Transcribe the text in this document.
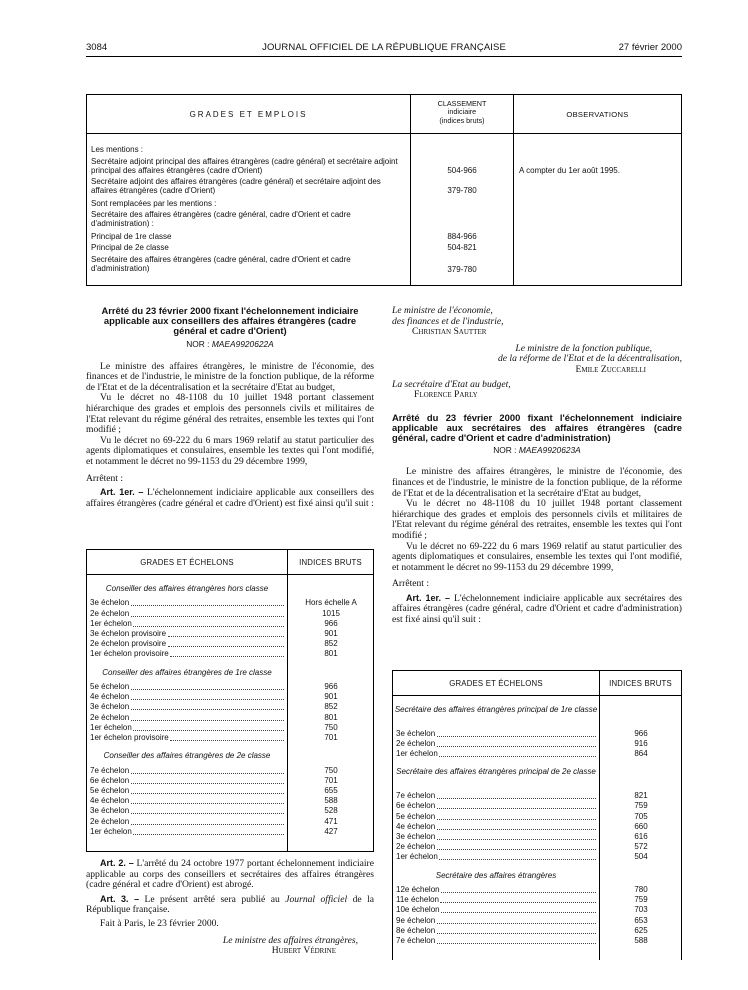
3084	JOURNAL OFFICIEL DE LA RÉPUBLIQUE FRANÇAISE	27 février 2000
GRADES ET EMPLOIS
CLASSEMENT
indiciaire
(indices bruts)
OBSERVATIONS
Les mentions :
Secrétaire adjoint principal des affaires étrangères (cadre général) et secrétaire adjoint principal des affaires étrangères (cadre d'Orient)	504-966	A compter du 1er août 1995.
Secrétaire adjoint des affaires étrangères (cadre général) et secrétaire adjoint des affaires étrangères (cadre d'Orient)	379-780
Sont remplacées par les mentions :
Secrétaire des affaires étrangères (cadre général, cadre d'Orient et cadre d'administration) :
Principal de 1re classe	884-966
Principal de 2e classe	504-821
Secrétaire des affaires étrangères (cadre général, cadre d'Orient et cadre d'administration)	379-780
Arrêté du 23 février 2000 fixant l'échelonnement indiciaire applicable aux conseillers des affaires étrangères (cadre général et cadre d'Orient)
NOR : MAEA9920622A

Le ministre des affaires étrangères, le ministre de l'économie, des finances et de l'industrie, le ministre de la fonction publique, de la réforme de l'Etat et de la décentralisation et la secrétaire d'Etat au budget,

Vu le décret no 48-1108 du 10 juillet 1948 portant classement hiérarchique des grades et emplois des personnels civils et militaires de l'Etat relevant du régime général des retraites, ensemble les textes qui l'ont modifié ;

Vu le décret no 69-222 du 6 mars 1969 relatif au statut particulier des agents diplomatiques et consulaires, ensemble les textes qui l'ont modifié, et notamment le décret no 99-1153 du 29 décembre 1999,

Arrêtent :

Art. 1er. – L'échelonnement indiciaire applicable aux conseillers des affaires étrangères (cadre général et cadre d'Orient) est fixé ainsi qu'il suit :

GRADES ET ÉCHELONS	INDICES BRUTS
Conseiller des affaires étrangères hors classe
3e échelon	Hors échelle A
2e échelon	1015
1er échelon	966
3e échelon provisoire	901
2e échelon provisoire	852
1er échelon provisoire	801
Conseiller des affaires étrangères de 1re classe
5e échelon	966
4e échelon	901
3e échelon	852
2e échelon	801
1er échelon	750
1er échelon provisoire	701
Conseiller des affaires étrangères de 2e classe
7e échelon	750
6e échelon	701
5e échelon	655
4e échelon	588
3e échelon	528
2e échelon	471
1er échelon	427

Art. 2. – L'arrêté du 24 octobre 1977 portant échelonnement indiciaire applicable au corps des conseillers et secrétaires des affaires étrangères (cadre général et cadre d'Orient) est abrogé.

Art. 3. – Le présent arrêté sera publié au Journal officiel de la République française.

Fait à Paris, le 23 février 2000.

Le ministre des affaires étrangères,

Hubert Védrine

Le ministre de l'économie,

des finances et de l'industrie,

Christian Sautter

Le ministre de la fonction publique,

de la réforme de l'Etat et de la décentralisation,

Emile Zuccarelli

La secrétaire d'Etat au budget,

Florence Parly

Arrêté du 23 février 2000 fixant l'échelonnement indiciaire applicable aux secrétaires des affaires étrangères (cadre général, cadre d'Orient et cadre d'administration)
NOR : MAEA9920623A

Le ministre des affaires étrangères, le ministre de l'économie, des finances et de l'industrie, le ministre de la fonction publique, de la réforme de l'Etat et de la décentralisation et la secrétaire d'Etat au budget,

Vu le décret no 48-1108 du 10 juillet 1948 portant classement hiérarchique des grades et emplois des personnels civils et militaires de l'Etat relevant du régime général des retraites, ensemble les textes qui l'ont modifié ;

Vu le décret no 69-222 du 6 mars 1969 relatif au statut particulier des agents diplomatiques et consulaires, ensemble les textes qui l'ont modifié, et notamment le décret no 99-1153 du 29 décembre 1999,

Arrêtent :

Art. 1er. – L'échelonnement indiciaire applicable aux secrétaires des affaires étrangères (cadre général, cadre d'Orient et cadre d'administration) est fixé ainsi qu'il suit :

GRADES ET ÉCHELONS	INDICES BRUTS
Secrétaire des affaires étrangères principal de 1re classe
3e échelon	966
2e échelon	916
1er échelon	864
Secrétaire des affaires étrangères principal de 2e classe
7e échelon	821
6e échelon	759
5e échelon	705
4e échelon	660
3e échelon	616
2e échelon	572
1er échelon	504
Secrétaire des affaires étrangères
12e échelon	780
11e échelon	759
10e échelon	703
9e échelon	653
8e échelon	625
7e échelon	588
